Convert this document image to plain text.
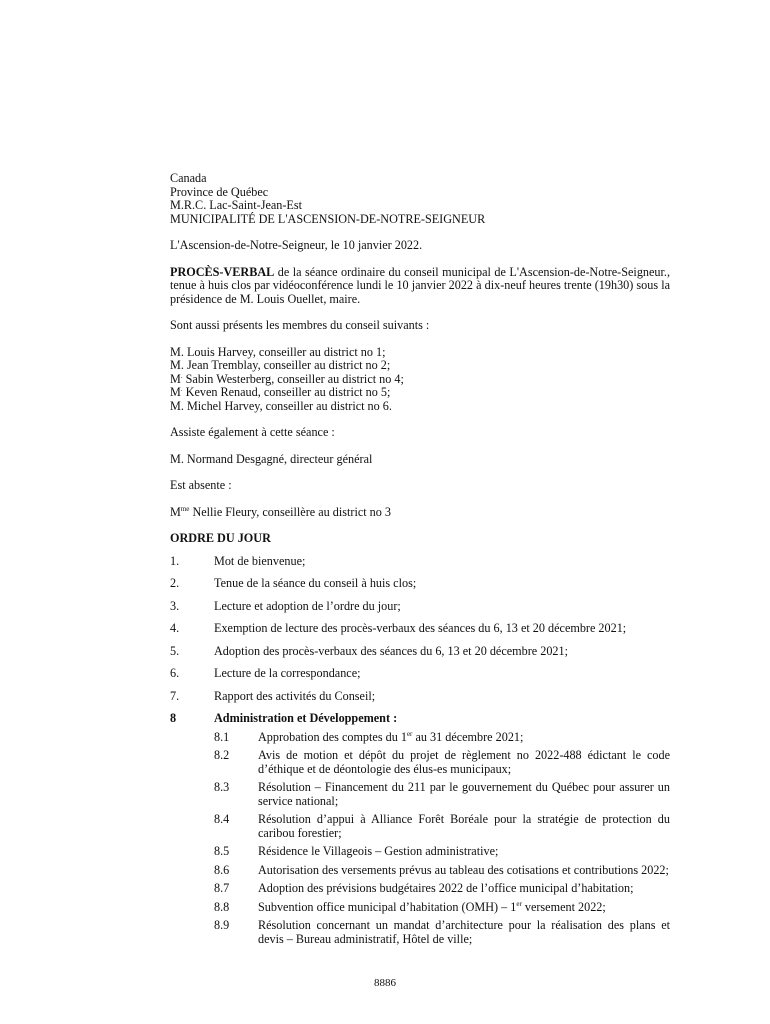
Canada

Province de Québec

M.R.C. Lac-Saint-Jean-Est

MUNICIPALITÉ DE L'ASCENSION-DE-NOTRE-SEIGNEUR

L'Ascension-de-Notre-Seigneur, le 10 janvier 2022.

PROCÈS-VERBAL de la séance ordinaire du conseil municipal de L'Ascension-de-Notre-Seigneur., tenue à huis clos par vidéoconférence lundi le 10 janvier 2022 à dix-neuf heures trente (19h30) sous la présidence de M. Louis Ouellet, maire.

Sont aussi présents les membres du conseil suivants :

M. Louis Harvey, conseiller au district no 1;

M. Jean Tremblay, conseiller au district no 2;

M. Sabin Westerberg, conseiller au district no 4;

M. Keven Renaud, conseiller au district no 5;

M. Michel Harvey, conseiller au district no 6.

Assiste également à cette séance :

M. Normand Desgagné, directeur général

Est absente :

$M^{me}$ Nellie Fleury, conseillère au district no 3

ORDRE DU JOUR

1.	Mot de bienvenue;
2.	Tenue de la séance du conseil à huis clos;
3.	Lecture et adoption de l’ordre du jour;
4.	Exemption de lecture des procès-verbaux des séances du 6, 13 et 20 décembre 2021;
5.	Adoption des procès-verbaux des séances du 6, 13 et 20 décembre 2021;
6.	Lecture de la correspondance;
7.	Rapport des activités du Conseil;
8	Administration et Développement :
8.1	Approbation des comptes du 1er au 31 décembre 2021;
8.2	Avis de motion et dépôt du projet de règlement no 2022-488 édictant le code d’éthique et de déontologie des élus-es municipaux;
8.3	Résolution – Financement du 211 par le gouvernement du Québec pour assurer un service national;
8.4	Résolution d’appui à Alliance Forêt Boréale pour la stratégie de protection du caribou forestier;
8.5	Résidence le Villageois – Gestion administrative;
8.6	Autorisation des versements prévus au tableau des cotisations et contributions 2022;
8.7	Adoption des prévisions budgétaires 2022 de l’office municipal d’habitation;
8.8	Subvention office municipal d’habitation (OMH) – 1er versement 2022;
8.9	Résolution concernant un mandat d’architecture pour la réalisation des plans et devis – Bureau administratif, Hôtel de ville;
8886
